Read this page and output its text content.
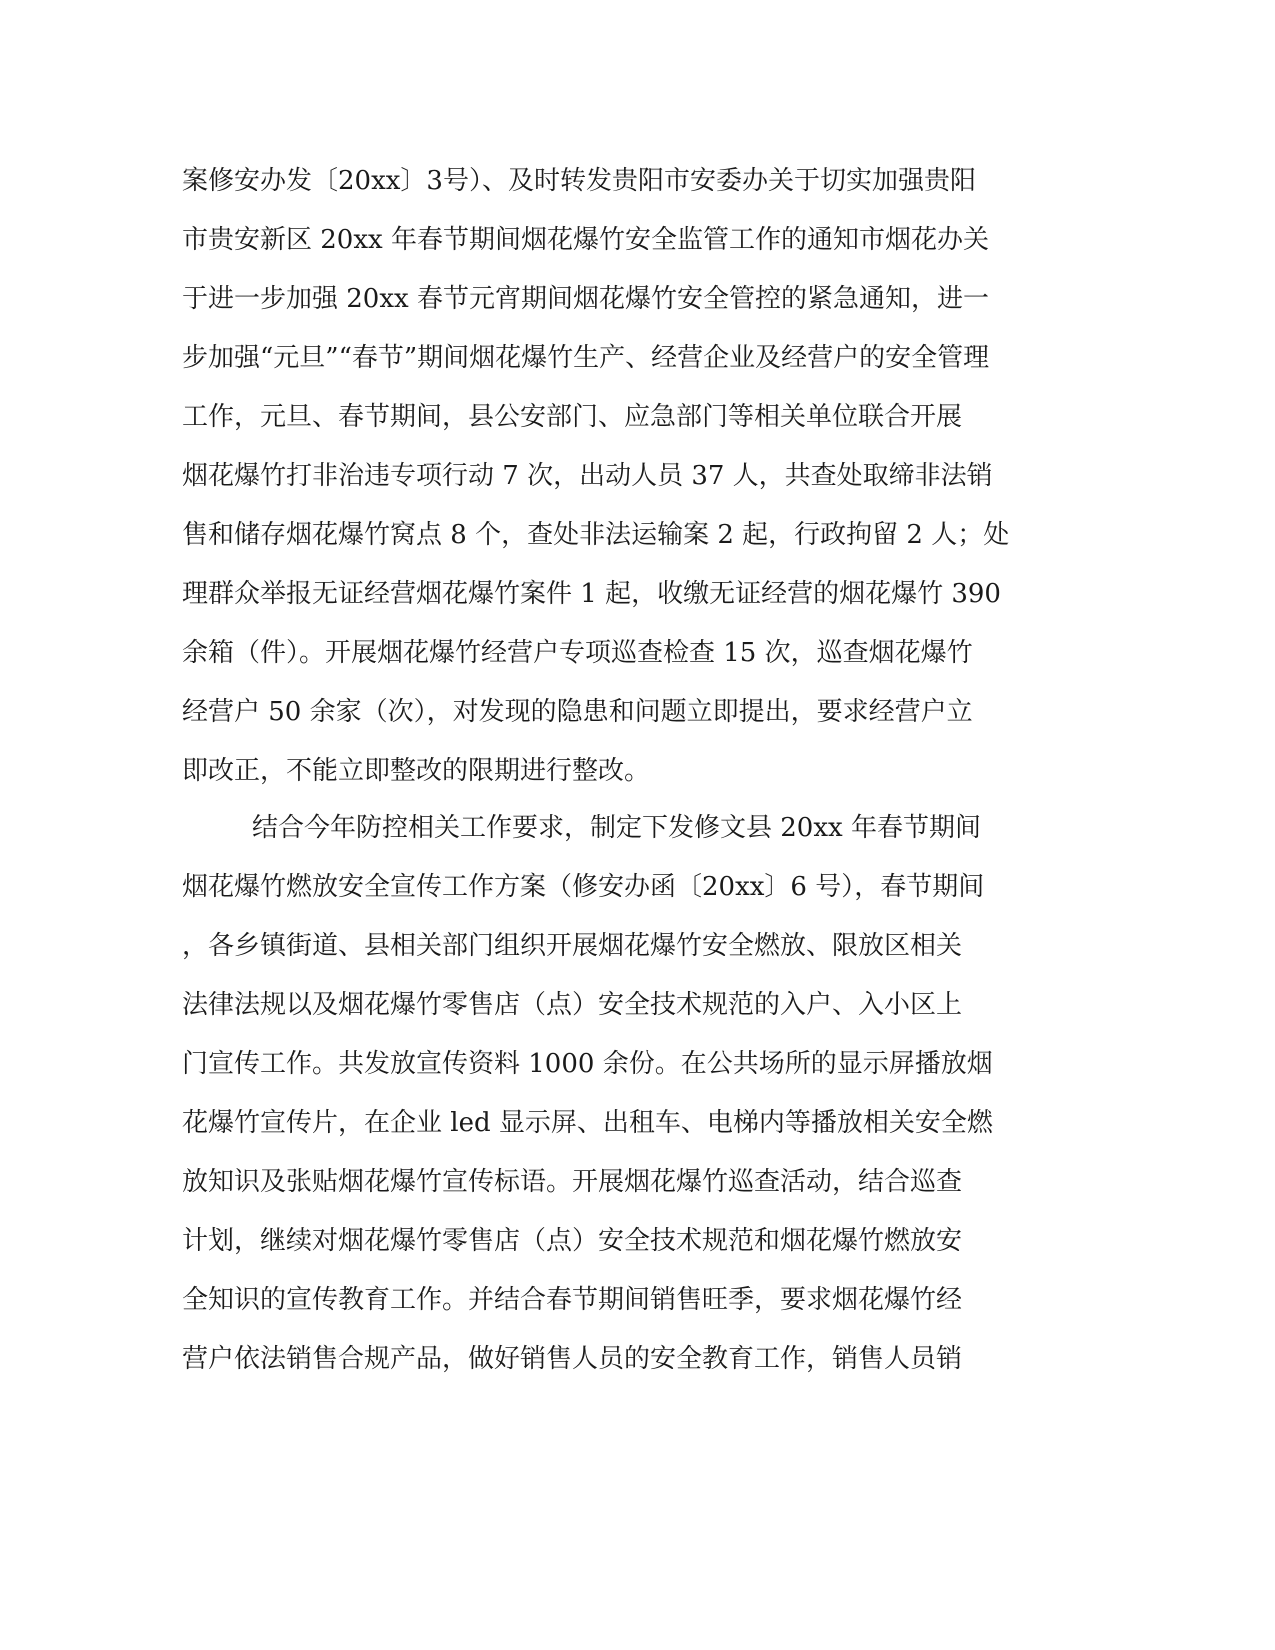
案修安办发〔20xx〕3号）、及时转发贵阳市安委办关于切实加强贵阳
市贵安新区 20xx 年春节期间烟花爆竹安全监管工作的通知市烟花办关
于进一步加强 20xx 春节元宵期间烟花爆竹安全管控的紧急通知，进一
步加强“元旦”“春节”期间烟花爆竹生产、经营企业及经营户的安全管理
工作，元旦、春节期间，县公安部门、应急部门等相关单位联合开展
烟花爆竹打非治违专项行动 7 次，出动人员 37 人，共查处取缔非法销
售和储存烟花爆竹窝点 8 个，查处非法运输案 2 起，行政拘留 2 人；处
理群众举报无证经营烟花爆竹案件 1 起，收缴无证经营的烟花爆竹 390
余箱（件）。开展烟花爆竹经营户专项巡查检查 15 次，巡查烟花爆竹
经营户 50 余家（次），对发现的隐患和问题立即提出，要求经营户立
即改正，不能立即整改的限期进行整改。
结合今年防控相关工作要求，制定下发修文县 20xx 年春节期间
烟花爆竹燃放安全宣传工作方案（修安办函〔20xx〕6 号），春节期间
，各乡镇街道、县相关部门组织开展烟花爆竹安全燃放、限放区相关
法律法规以及烟花爆竹零售店（点）安全技术规范的入户、入小区上
门宣传工作。共发放宣传资料 1000 余份。在公共场所的显示屏播放烟
花爆竹宣传片，在企业 led 显示屏、出租车、电梯内等播放相关安全燃
放知识及张贴烟花爆竹宣传标语。开展烟花爆竹巡查活动，结合巡查
计划，继续对烟花爆竹零售店（点）安全技术规范和烟花爆竹燃放安
全知识的宣传教育工作。并结合春节期间销售旺季，要求烟花爆竹经
营户依法销售合规产品，做好销售人员的安全教育工作，销售人员销
